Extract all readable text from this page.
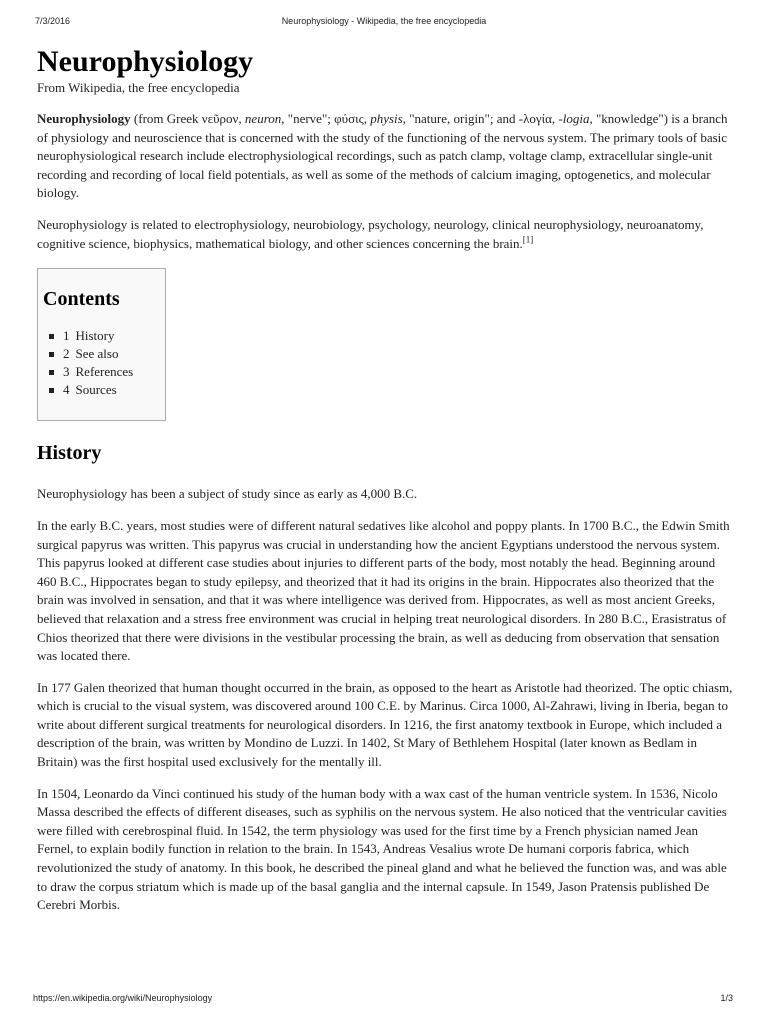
7/3/2016	Neurophysiology - Wikipedia, the free encyclopedia
Neurophysiology
From Wikipedia, the free encyclopedia

Neurophysiology (from Greek νεῦρον, neuron, "nerve"; φύσις, physis, "nature, origin"; and -λογία, -logia, "knowledge") is a branch of physiology and neuroscience that is concerned with the study of the functioning of the nervous system. The primary tools of basic neurophysiological research include electrophysiological recordings, such as patch clamp, voltage clamp, extracellular single-unit recording and recording of local field potentials, as well as some of the methods of calcium imaging, optogenetics, and molecular biology.

Neurophysiology is related to electrophysiology, neurobiology, psychology, neurology, clinical neurophysiology, neuroanatomy, cognitive science, biophysics, mathematical biology, and other sciences concerning the brain.[1]

Contents
1 History
2 See also
3 References
4 Sources
History

Neurophysiology has been a subject of study since as early as 4,000 B.C.

In the early B.C. years, most studies were of different natural sedatives like alcohol and poppy plants. In 1700 B.C., the Edwin Smith surgical papyrus was written. This papyrus was crucial in understanding how the ancient Egyptians understood the nervous system. This papyrus looked at different case studies about injuries to different parts of the body, most notably the head. Beginning around 460 B.C., Hippocrates began to study epilepsy, and theorized that it had its origins in the brain. Hippocrates also theorized that the brain was involved in sensation, and that it was where intelligence was derived from. Hippocrates, as well as most ancient Greeks, believed that relaxation and a stress free environment was crucial in helping treat neurological disorders. In 280 B.C., Erasistratus of Chios theorized that there were divisions in the vestibular processing the brain, as well as deducing from observation that sensation was located there.

In 177 Galen theorized that human thought occurred in the brain, as opposed to the heart as Aristotle had theorized. The optic chiasm, which is crucial to the visual system, was discovered around 100 C.E. by Marinus. Circa 1000, Al-Zahrawi, living in Iberia, began to write about different surgical treatments for neurological disorders. In 1216, the first anatomy textbook in Europe, which included a description of the brain, was written by Mondino de Luzzi. In 1402, St Mary of Bethlehem Hospital (later known as Bedlam in Britain) was the first hospital used exclusively for the mentally ill.

In 1504, Leonardo da Vinci continued his study of the human body with a wax cast of the human ventricle system. In 1536, Nicolo Massa described the effects of different diseases, such as syphilis on the nervous system. He also noticed that the ventricular cavities were filled with cerebrospinal fluid. In 1542, the term physiology was used for the first time by a French physician named Jean Fernel, to explain bodily function in relation to the brain. In 1543, Andreas Vesalius wrote De humani corporis fabrica, which revolutionized the study of anatomy. In this book, he described the pineal gland and what he believed the function was, and was able to draw the corpus striatum which is made up of the basal ganglia and the internal capsule. In 1549, Jason Pratensis published De Cerebri Morbis.

https://en.wikipedia.org/wiki/Neurophysiology	1/3
